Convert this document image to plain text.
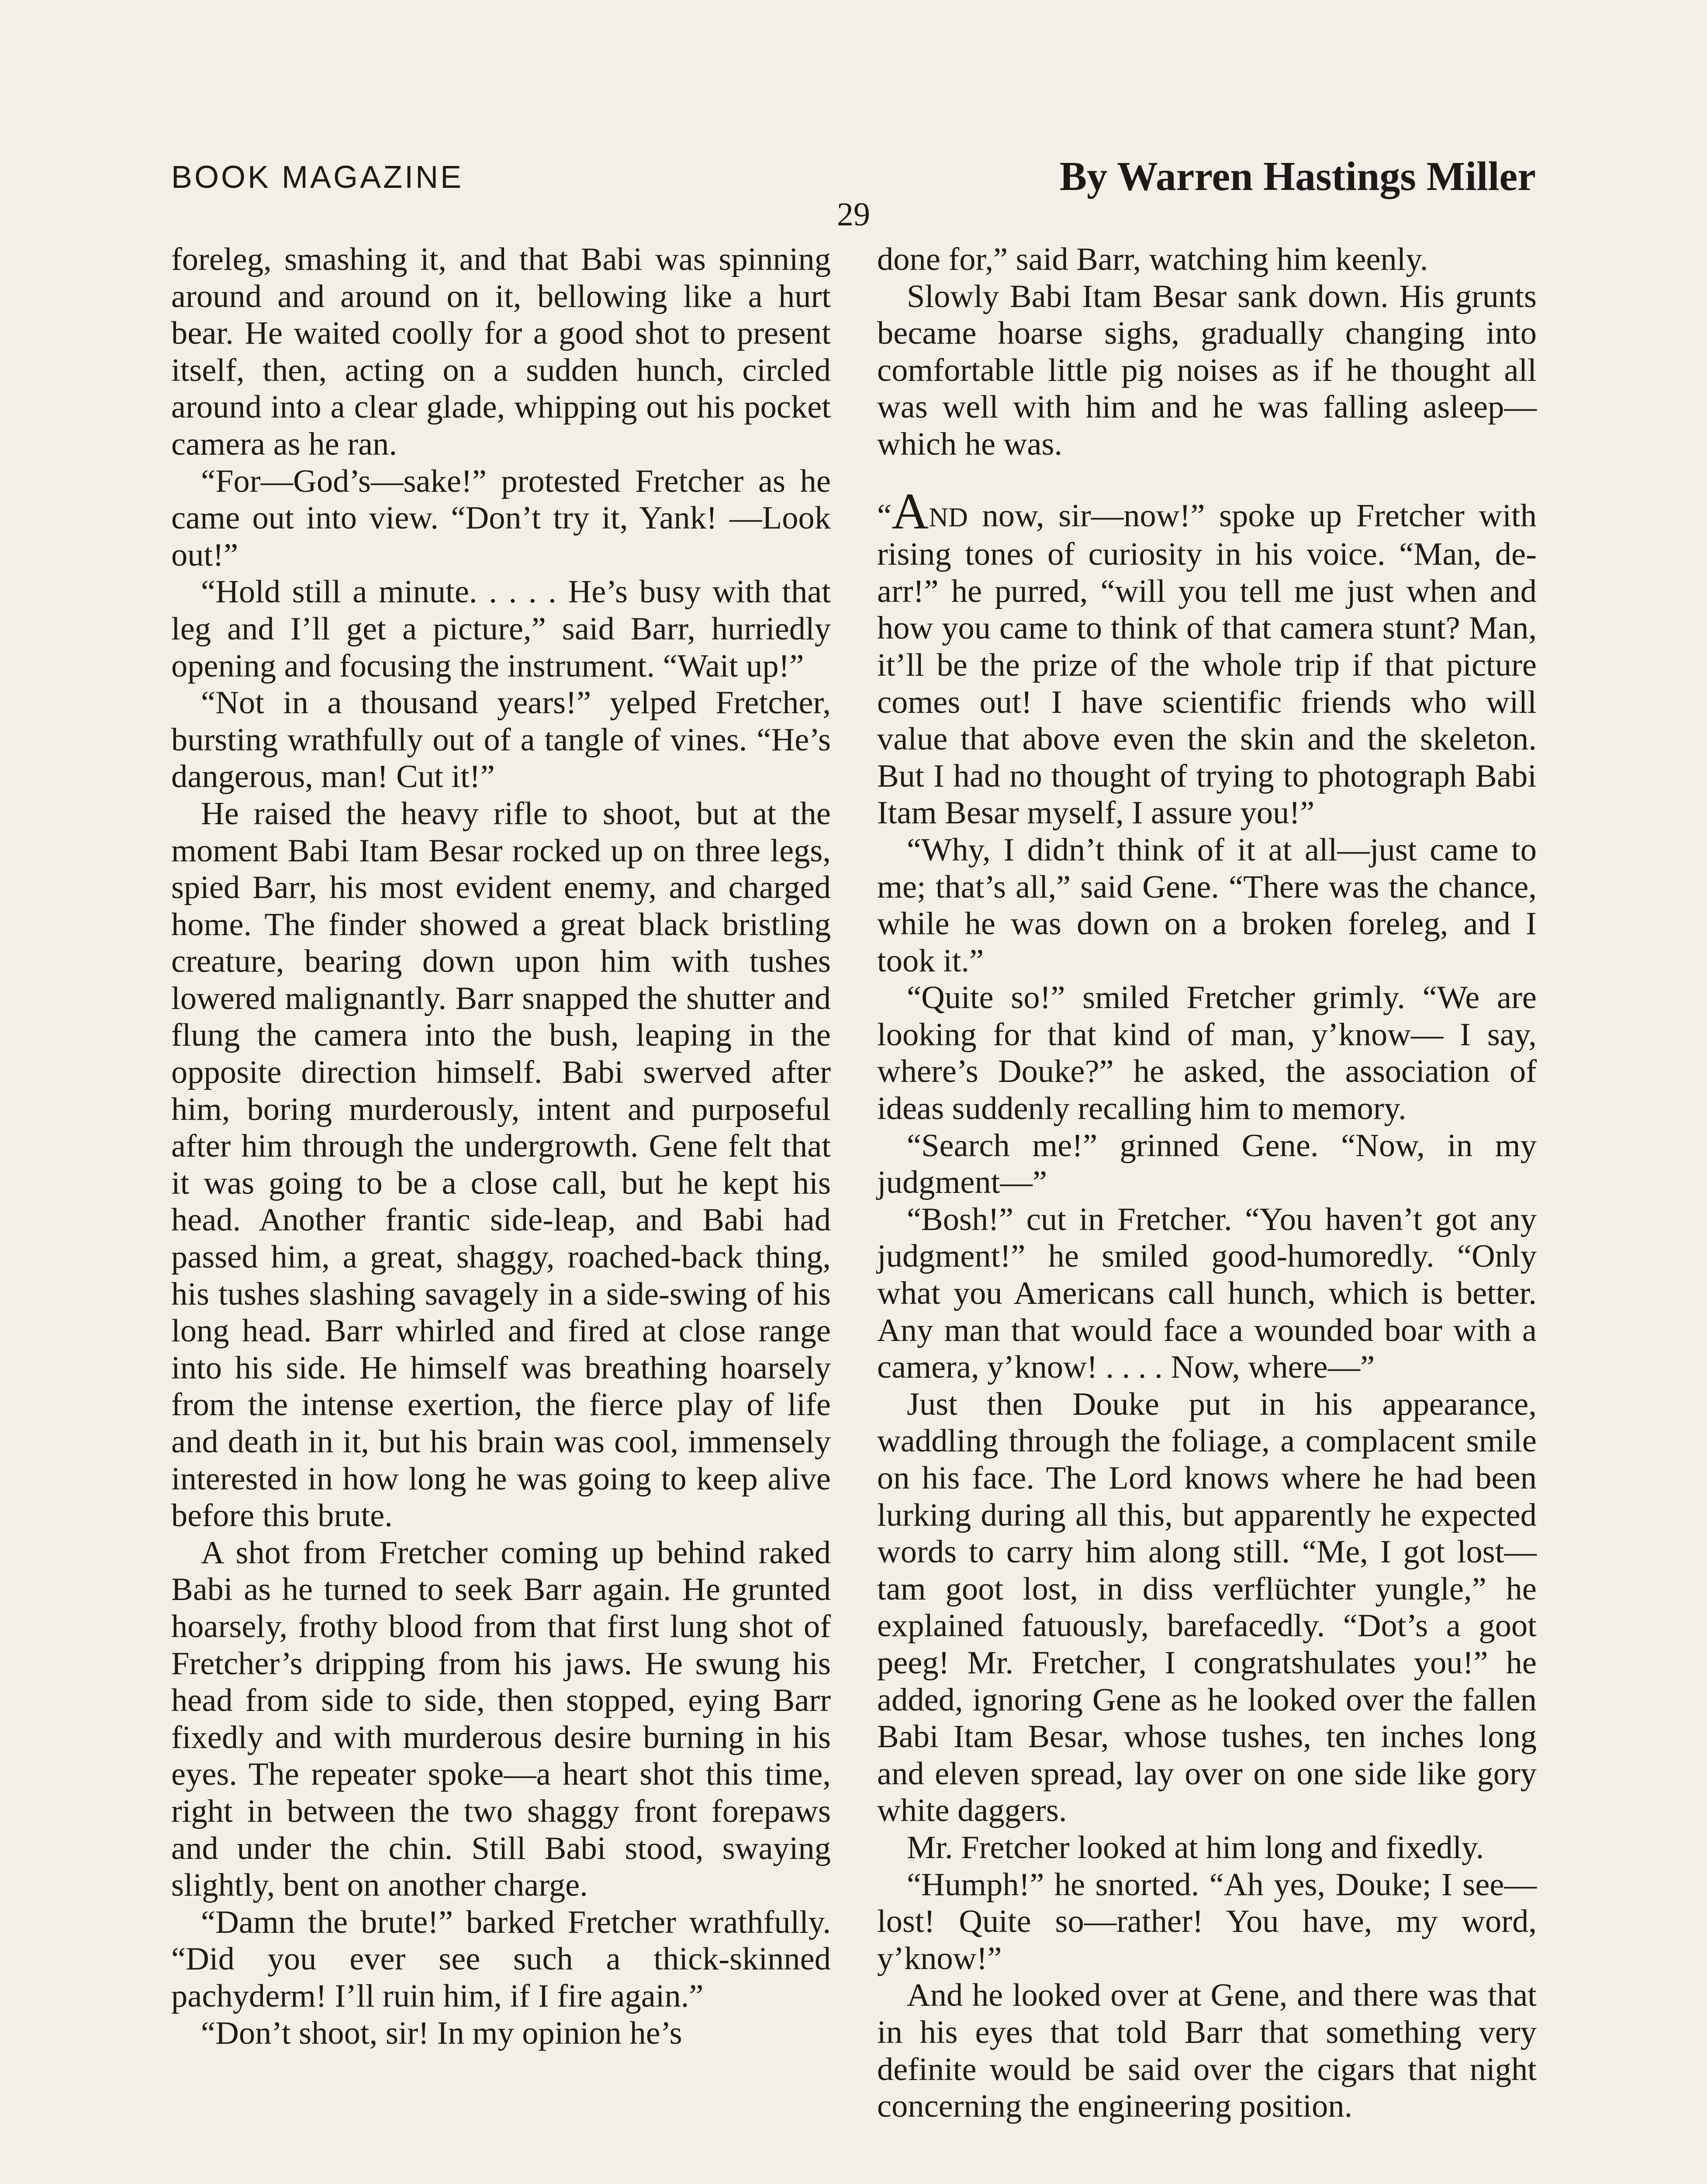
BOOK MAGAZINE	By Warren Hastings Miller
29

foreleg, smashing it, and that Babi was spinning around and around on it, bellowing like a hurt bear. He waited coolly for a good shot to present itself, then, acting on a sudden hunch, circled around into a clear glade, whipping out his pocket camera as he ran.

“For—God’s—sake!” protested Fretcher as he came out into view. “Don’t try it, Yank! —Look out!”

“Hold still a minute. . . . . He’s busy with that leg and I’ll get a picture,” said Barr, hurriedly opening and focusing the instrument. “Wait up!”

“Not in a thousand years!” yelped Fretcher, bursting wrathfully out of a tangle of vines. “He’s dangerous, man! Cut it!”

He raised the heavy rifle to shoot, but at the moment Babi Itam Besar rocked up on three legs, spied Barr, his most evident enemy, and charged home. The finder showed a great black bristling creature, bearing down upon him with tushes lowered malignantly. Barr snapped the shutter and flung the camera into the bush, leaping in the opposite direction himself. Babi swerved after him, boring murderously, intent and purposeful after him through the undergrowth. Gene felt that it was going to be a close call, but he kept his head. Another frantic side-leap, and Babi had passed him, a great, shaggy, roached-back thing, his tushes slashing savagely in a side-swing of his long head. Barr whirled and fired at close range into his side. He himself was breathing hoarsely from the intense exertion, the fierce play of life and death in it, but his brain was cool, immensely interested in how long he was going to keep alive before this brute.

A shot from Fretcher coming up behind raked Babi as he turned to seek Barr again. He grunted hoarsely, frothy blood from that first lung shot of Fretcher’s dripping from his jaws. He swung his head from side to side, then stopped, eying Barr fixedly and with murderous desire burning in his eyes. The repeater spoke—a heart shot this time, right in between the two shaggy front forepaws and under the chin. Still Babi stood, swaying slightly, bent on another charge.

“Damn the brute!” barked Fretcher wrathfully. “Did you ever see such a thick-skinned pachyderm! I’ll ruin him, if I fire again.”

“Don’t shoot, sir! In my opinion he’s

done for,” said Barr, watching him keenly.

Slowly Babi Itam Besar sank down. His grunts became hoarse sighs, gradually changing into comfortable little pig noises as if he thought all was well with him and he was falling asleep—which he was.

“AND now, sir—now!” spoke up Fretcher with rising tones of curiosity in his voice. “Man, de-arr!” he purred, “will you tell me just when and how you came to think of that camera stunt? Man, it’ll be the prize of the whole trip if that picture comes out! I have scientific friends who will value that above even the skin and the skeleton. But I had no thought of trying to photograph Babi Itam Besar myself, I assure you!”

“Why, I didn’t think of it at all—just came to me; that’s all,” said Gene. “There was the chance, while he was down on a broken foreleg, and I took it.”

“Quite so!” smiled Fretcher grimly. “We are looking for that kind of man, y’know— I say, where’s Douke?” he asked, the association of ideas suddenly recalling him to memory.

“Search me!” grinned Gene. “Now, in my judgment—”

“Bosh!” cut in Fretcher. “You haven’t got any judgment!” he smiled good-humoredly. “Only what you Americans call hunch, which is better. Any man that would face a wounded boar with a camera, y’know! . . . . Now, where—”

Just then Douke put in his appearance, waddling through the foliage, a complacent smile on his face. The Lord knows where he had been lurking during all this, but apparently he expected words to carry him along still. “Me, I got lost—tam goot lost, in diss verflüchter yungle,” he explained fatuously, barefacedly. “Dot’s a goot peeg! Mr. Fretcher, I congratshulates you!” he added, ignoring Gene as he looked over the fallen Babi Itam Besar, whose tushes, ten inches long and eleven spread, lay over on one side like gory white daggers.

Mr. Fretcher looked at him long and fixedly.

“Humph!” he snorted. “Ah yes, Douke; I see—lost! Quite so—rather! You have, my word, y’know!”

And he looked over at Gene, and there was that in his eyes that told Barr that something very definite would be said over the cigars that night concerning the engineering position.
